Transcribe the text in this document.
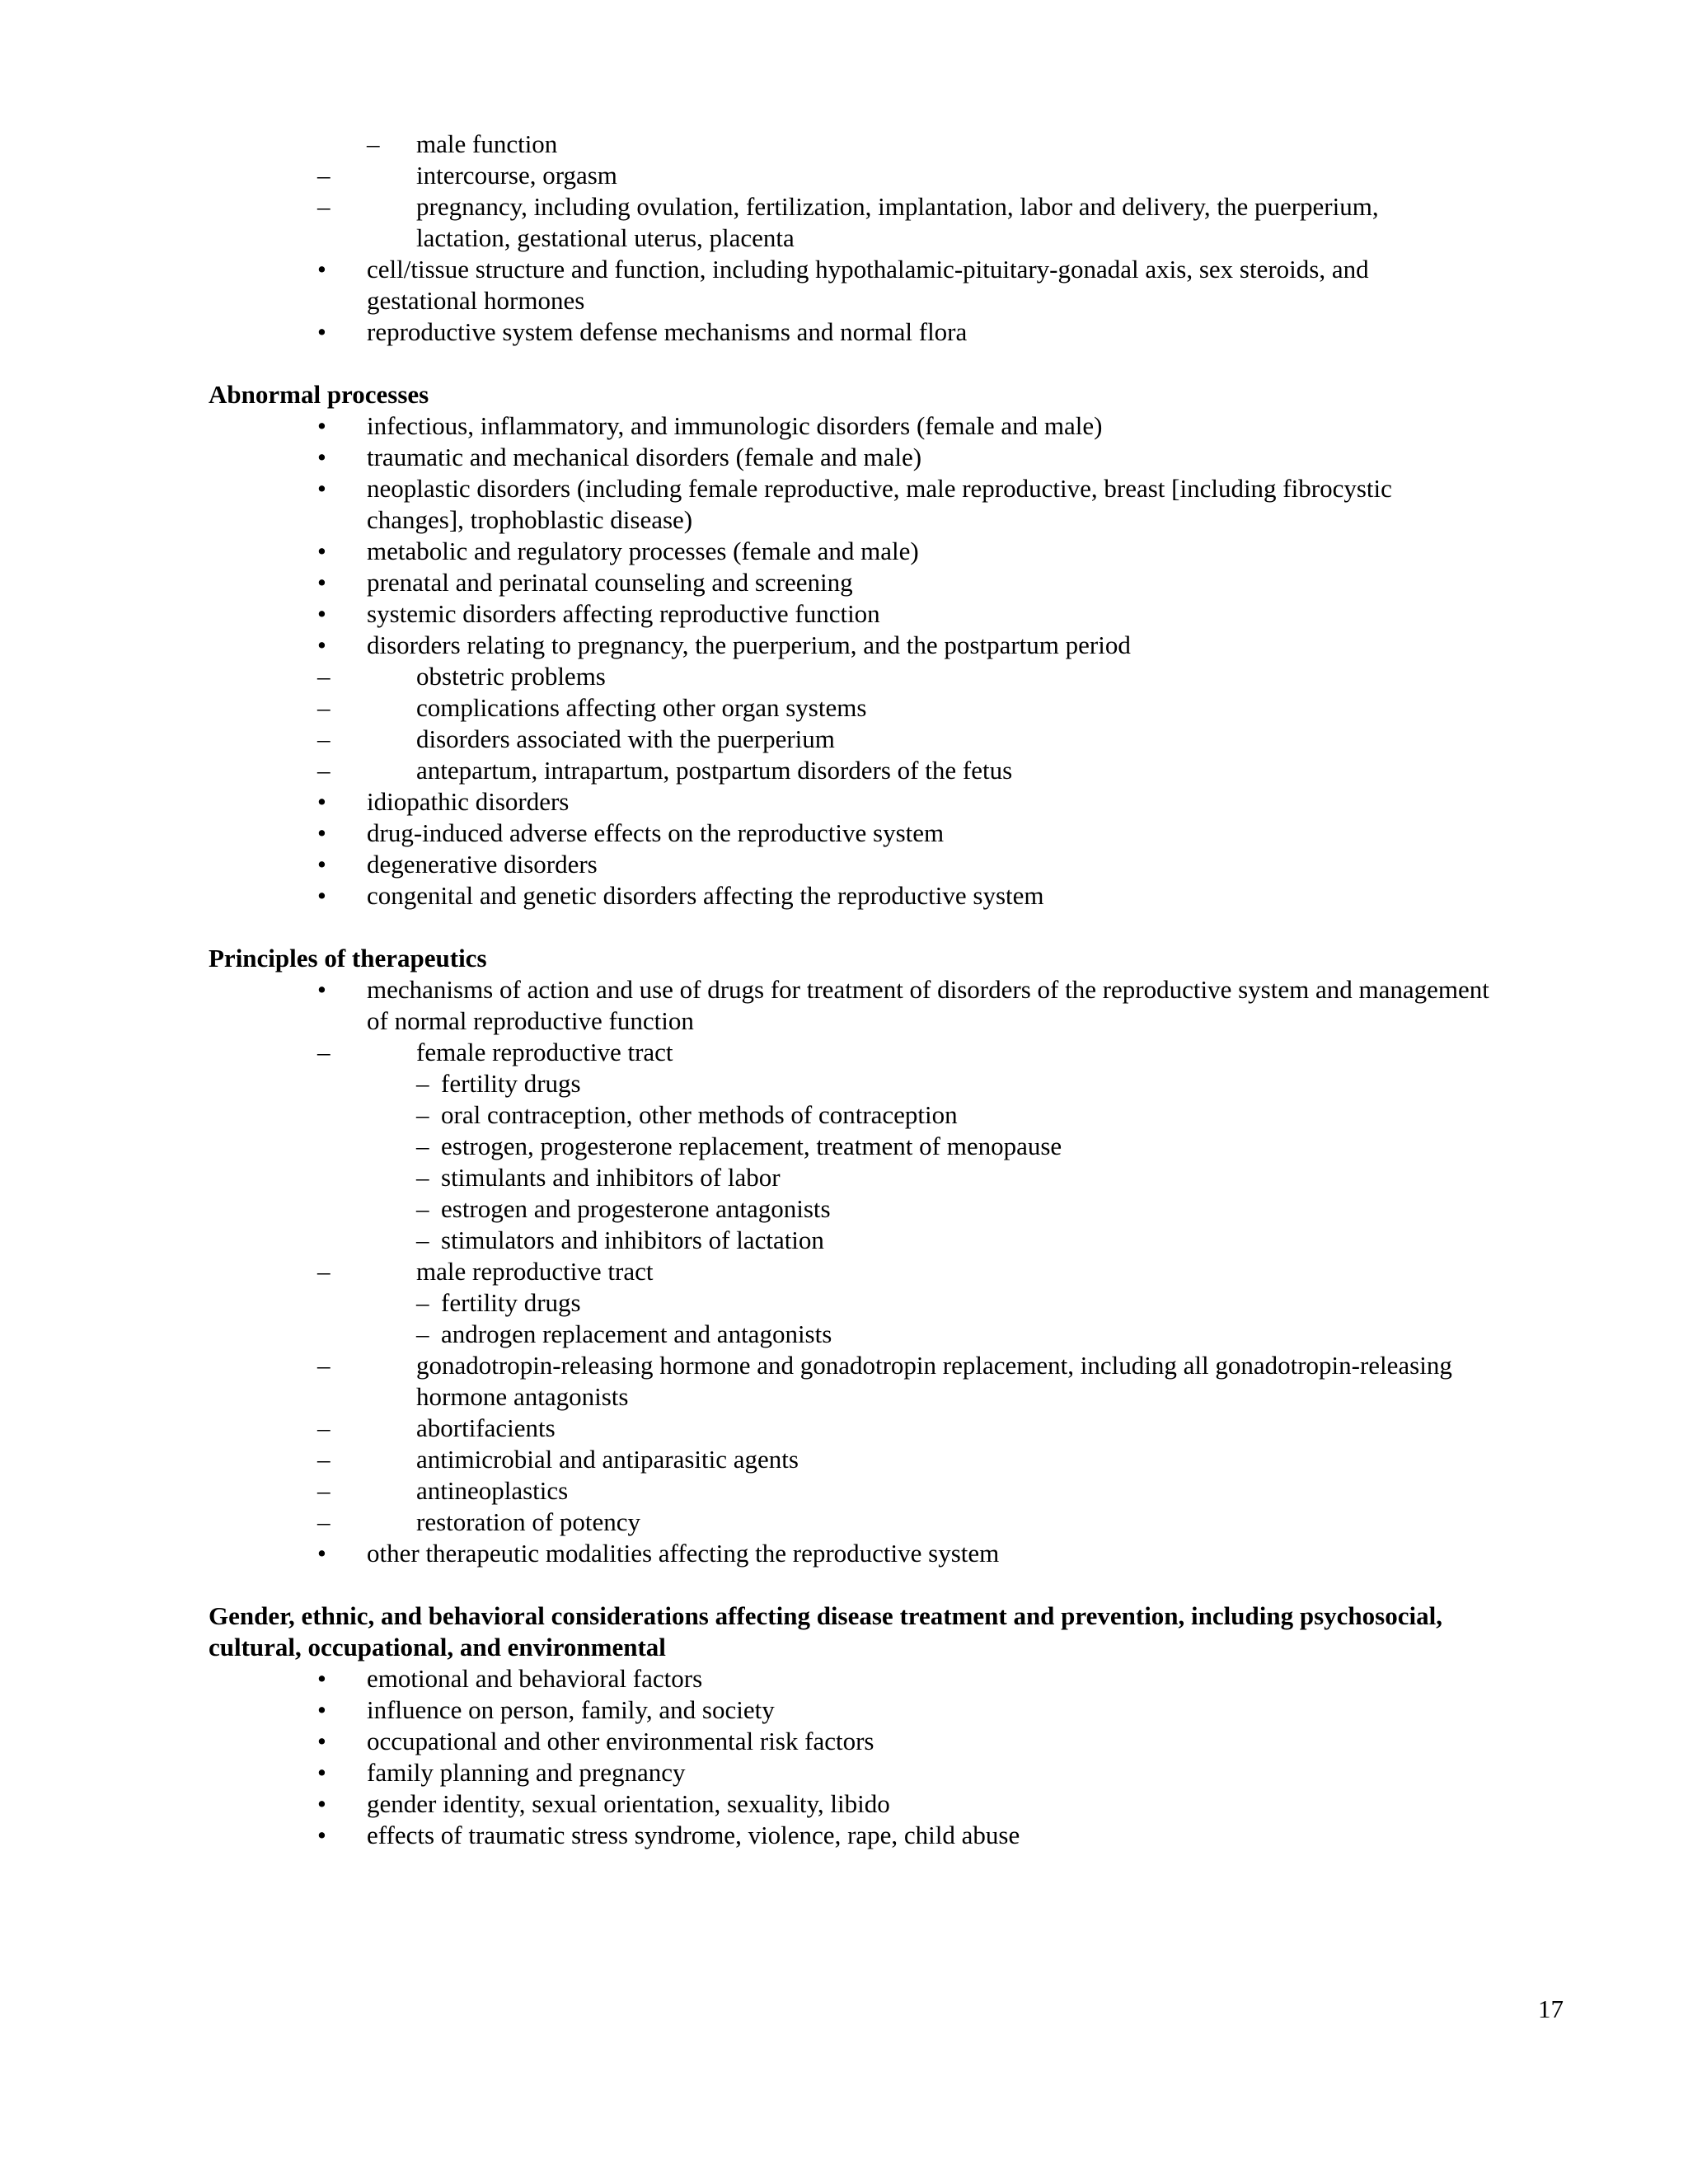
– male function
–	intercourse, orgasm
–	pregnancy, including ovulation, fertilization, implantation, labor and delivery, the puerperium,
lactation, gestational uterus, placenta
• cell/tissue structure and function, including hypothalamic-pituitary-gonadal axis, sex steroids, and
gestational hormones
• reproductive system defense mechanisms and normal flora
Abnormal processes
• infectious, inflammatory, and immunologic disorders (female and male)
• traumatic and mechanical disorders (female and male)
• neoplastic disorders (including female reproductive, male reproductive, breast [including fibrocystic
changes], trophoblastic disease)
• metabolic and regulatory processes (female and male)
• prenatal and perinatal counseling and screening
• systemic disorders affecting reproductive function
• disorders relating to pregnancy, the puerperium, and the postpartum period
–	obstetric problems
–	complications affecting other organ systems
–	disorders associated with the puerperium
–	antepartum, intrapartum, postpartum disorders of the fetus
• idiopathic disorders
• drug-induced adverse effects on the reproductive system
• degenerative disorders
• congenital and genetic disorders affecting the reproductive system
Principles of therapeutics
• mechanisms of action and use of drugs for treatment of disorders of the reproductive system and management
of normal reproductive function
–	female reproductive tract
– fertility drugs
– oral contraception, other methods of contraception
– estrogen, progesterone replacement, treatment of menopause
– stimulants and inhibitors of labor
– estrogen and progesterone antagonists
– stimulators and inhibitors of lactation
–	male reproductive tract
– fertility drugs
– androgen replacement and antagonists
–	gonadotropin-releasing hormone and gonadotropin replacement, including all gonadotropin-releasing
hormone antagonists
–	abortifacients
–	antimicrobial and antiparasitic agents
–	antineoplastics
–	restoration of potency
• other therapeutic modalities affecting the reproductive system
Gender, ethnic, and behavioral considerations affecting disease treatment and prevention, including psychosocial,
cultural, occupational, and environmental
• emotional and behavioral factors
• influence on person, family, and society
• occupational and other environmental risk factors
• family planning and pregnancy
• gender identity, sexual orientation, sexuality, libido
• effects of traumatic stress syndrome, violence, rape, child abuse
17
